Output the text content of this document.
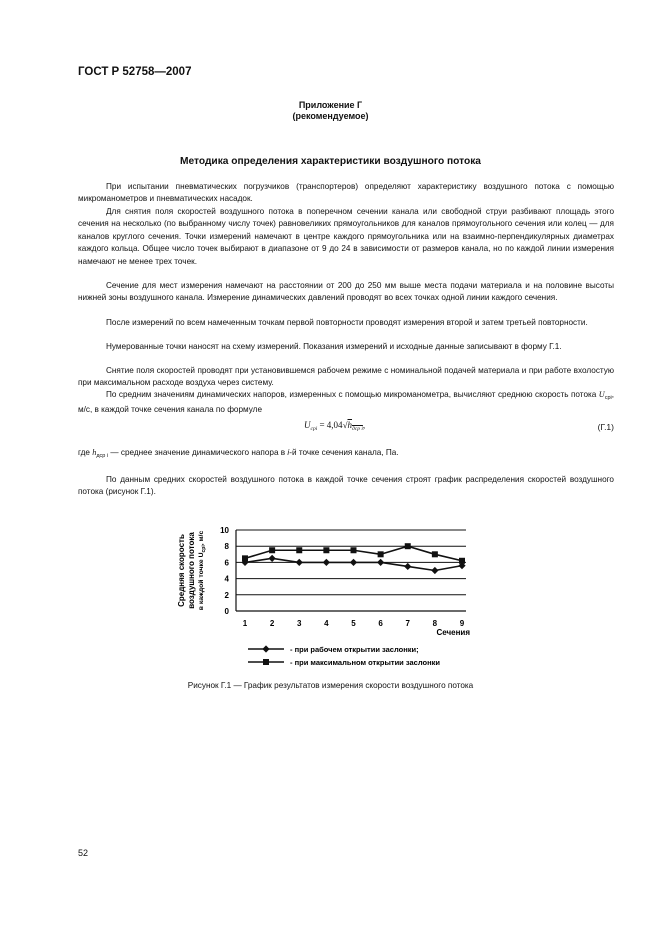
ГОСТ Р 52758—2007
Приложение Г
(рекомендуемое)
Методика определения характеристики воздушного потока
При испытании пневматических погрузчиков (транспортеров) определяют характеристику воздушного потока с помощью микроманометров и пневматических насадок.
Для снятия поля скоростей воздушного потока в поперечном сечении канала или свободной струи разбивают площадь этого сечения на несколько (по выбранному числу точек) равновеликих прямоугольников для каналов прямоугольного сечения или колец — для каналов круглого сечения. Точки измерений намечают в центре каждого прямоугольника или на взаимно-перпендикулярных диаметрах каждого кольца. Общее число точек выбирают в диапазоне от 9 до 24 в зависимости от размеров канала, но по каждой линии измерения намечают не менее трех точек.
Сечение для мест измерения намечают на расстоянии от 200 до 250 мм выше места подачи материала и на половине высоты нижней зоны воздушного канала. Измерение динамических давлений проводят во всех точках одной линии каждого сечения.
После измерений по всем намеченным точкам первой повторности проводят измерения второй и затем третьей повторности.
Нумерованные точки наносят на схему измерений. Показания измерений и исходные данные записывают в форму Г.1.
Снятие поля скоростей проводят при установившемся рабочем режиме с номинальной подачей материала и при работе вхолостую при максимальном расходе воздуха через систему.
По средним значениям динамических напоров, измеренных с помощью микроманометра, вычисляют среднюю скорость потока $U_{срi}$, м/с, в каждой точке сечения канала по формуле
$U_{срi} = 4,04√h_{дср i}$,	(Г.1)
где $h_{дср i}$ — среднее значение динамического напора в i-й точке сечения канала, Па.
По данным средних скоростей воздушного потока в каждой точке сечения строят график распределения скоростей воздушного потока (рисунок Г.1).
Средняя скорость воздушного потока в каждой точке $U_{срi}$, м/с
0
2
4
6
8
10
1	2	3	4	5	6	7	8	9
Сечения
- при рабочем открытии заслонки;
- при максимальном открытии заслонки
Рисунок Г.1 — График результатов измерения скорости воздушного потока
52
